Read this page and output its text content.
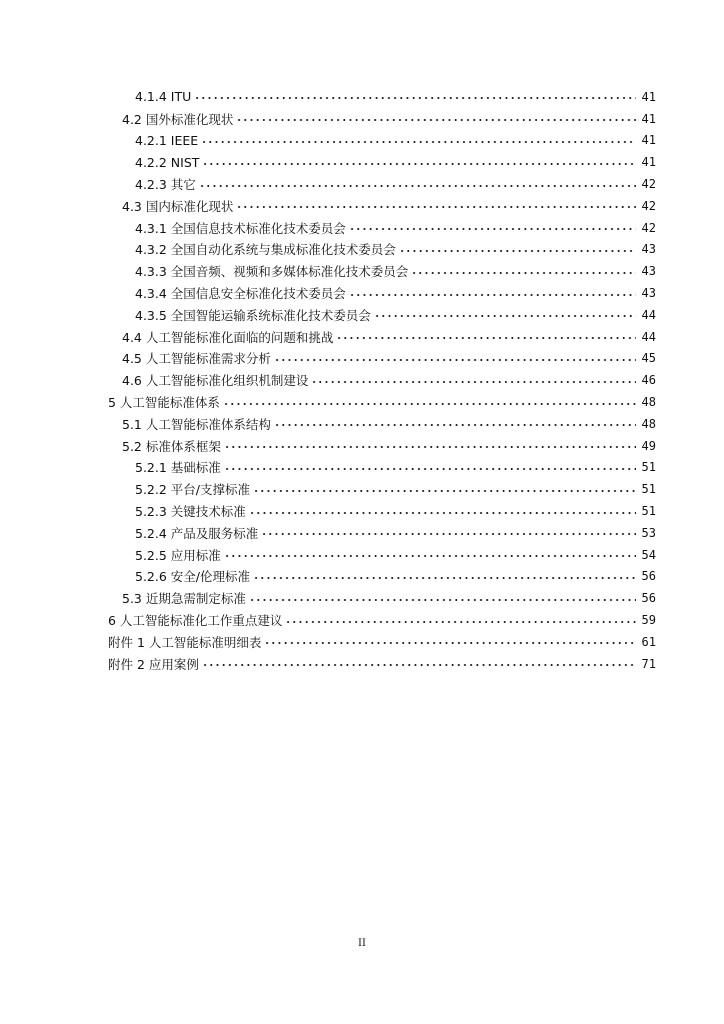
4.1.4 ITU	41
4.2 国外标准化现状	41
4.2.1 IEEE	41
4.2.2 NIST	41
4.2.3 其它	42
4.3 国内标准化现状	42
4.3.1 全国信息技术标准化技术委员会	42
4.3.2 全国自动化系统与集成标准化技术委员会	43
4.3.3 全国音频、视频和多媒体标准化技术委员会	43
4.3.4 全国信息安全标准化技术委员会	43
4.3.5 全国智能运输系统标准化技术委员会	44
4.4 人工智能标准化面临的问题和挑战	44
4.5 人工智能标准需求分析	45
4.6 人工智能标准化组织机制建设	46
5 人工智能标准体系	48
5.1 人工智能标准体系结构	48
5.2 标准体系框架	49
5.2.1 基础标准	51
5.2.2 平台/支撑标准	51
5.2.3 关键技术标准	51
5.2.4 产品及服务标准	53
5.2.5 应用标准	54
5.2.6 安全/伦理标准	56
5.3 近期急需制定标准	56
6 人工智能标准化工作重点建议	59
附件 1 人工智能标准明细表	61
附件 2 应用案例	71
II
